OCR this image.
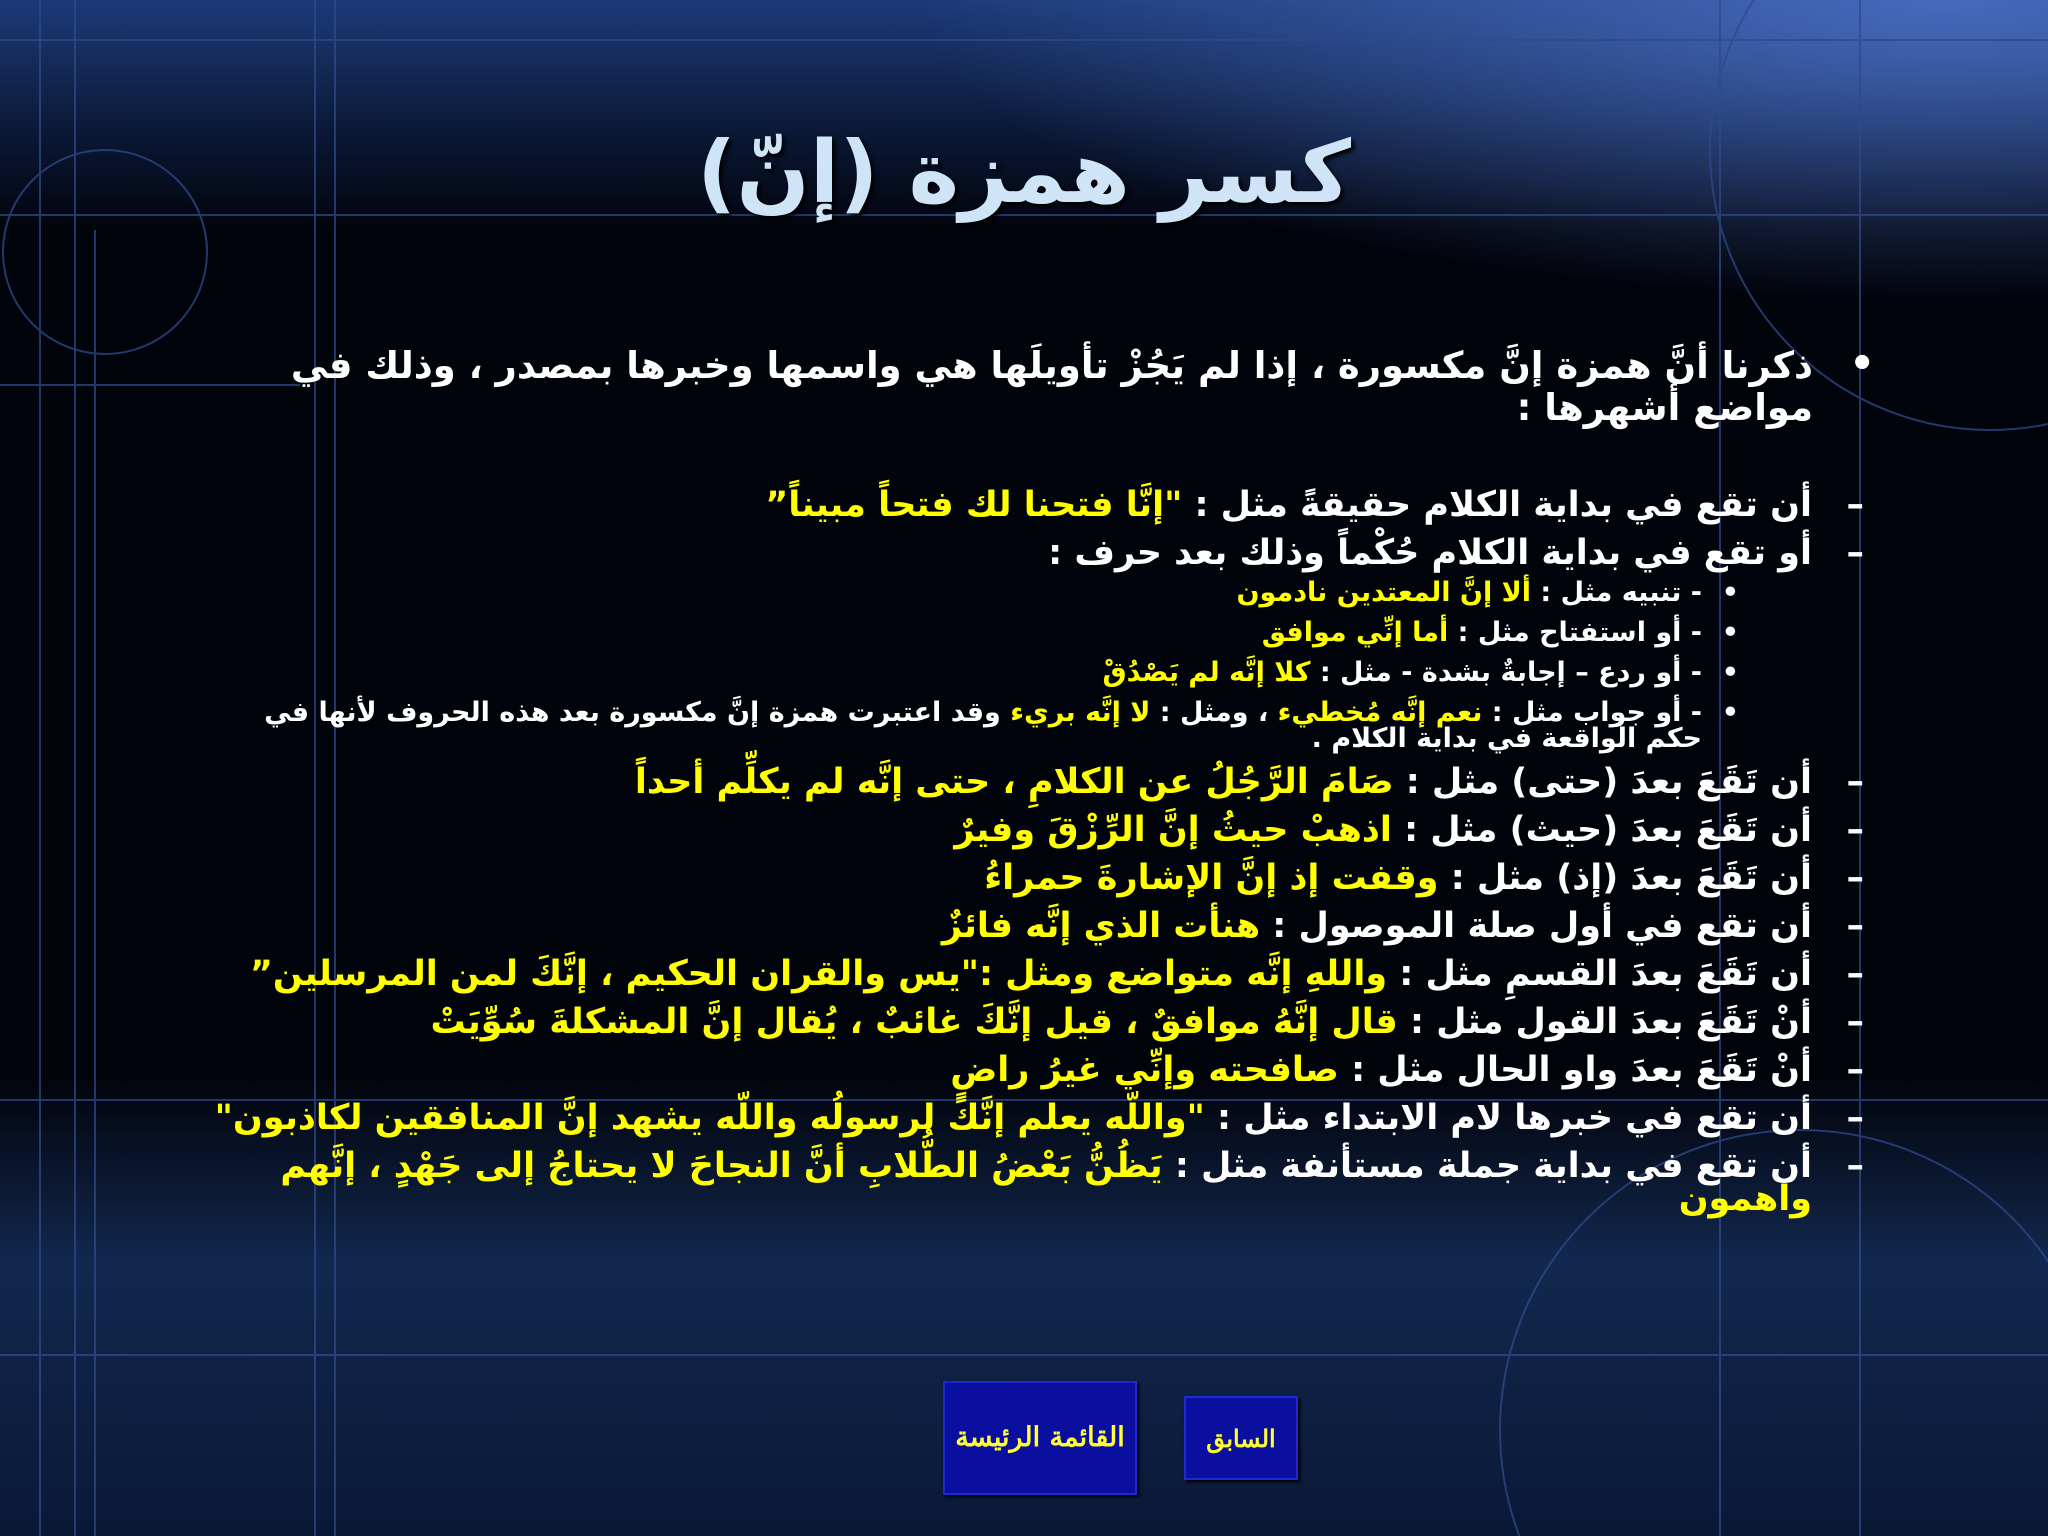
كسر همزة (إنّ)

•
ذكرنا أنَّ همزة إنَّ مكسورة ، إذا لم يَجُزْ تأويلَها هي واسمها وخبرها بمصدر ، وذلك في مواضع أشهرها :

–
أن تقع في بداية الكلام حقيقةً مثل : "إنَّا فتحنا لك فتحاً مبيناً”
–
أو تقع في بداية الكلام حُكْماً وذلك بعد حرف :
•
- تنبيه مثل : ألا إنَّ المعتدين نادمون
•
- أو استفتاح مثل : أما إنِّي موافق
•
- أو ردع – إجابةٌ بشدة - مثل : كلا إنَّه لم يَصْدُقْ
•
- أو جواب مثل : نعم إنَّه مُخطيء ، ومثل : لا إنَّه بريء وقد اعتبرت همزة إنَّ مكسورة بعد هذه الحروف لأنها في حكم الواقعة في بداية الكلام .
–
أن تَقَعَ بعدَ (حتى) مثل : صَامَ الرَّجُلُ عن الكلامِ ، حتى إنَّه لم يكلِّم أحداً
–
أن تَقَعَ بعدَ (حيث) مثل : اذهبْ حيثُ إنَّ الرِّزْقَ وفيرٌ
–
أن تَقَعَ بعدَ (إذ) مثل : وقفت إذ إنَّ الإشارةَ حمراءُ
–
أن تقع في أول صلة الموصول : هنأت الذي إنَّه فائزٌ
–
أن تَقَعَ بعدَ القسمِ مثل : واللهِ إنَّه متواضع ومثل :"يس والقران الحكيم ، إنَّكَ لمن المرسلين”
–
أنْ تَقَعَ بعدَ القول مثل : قال إنَّهُ موافقٌ ، قيل إنَّكَ غائبٌ ، يُقال إنَّ المشكلةَ سُوِّيَتْ
–
أنْ تَقَعَ بعدَ واو الحال مثل : صافحته وإنِّي غيرُ راضٍ
–
أن تقع في خبرها لام الابتداء مثل : "واللّه يعلم إنَّكَ لرسولُه واللّه يشهد إنَّ المنافقين لكاذبون"
–
أن تقع في بداية جملة مستأنفة مثل : يَظُنُّ بَعْضُ الطُّلابِ أنَّ النجاحَ لا يحتاجُ إلى جَهْدٍ ، إنَّهم واهمون
القائمة الرئيسة	السابق
